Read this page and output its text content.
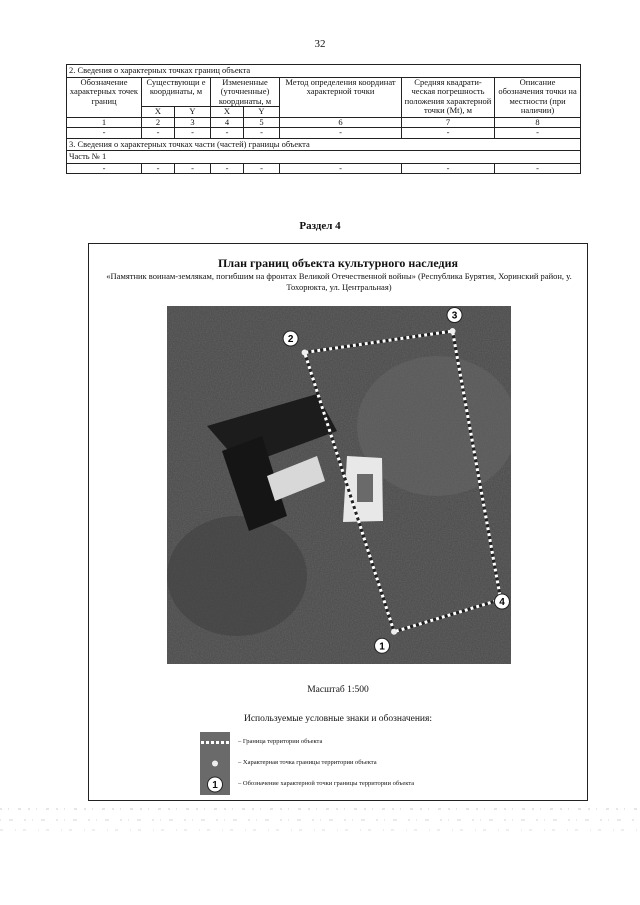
32
2. Сведения о характерных точках границ объекта							
Обозначение характерных точек границ	Существующи е координаты, м		Измененные (уточненные) координаты, м		Метод определения координат характерной точки	Средняя квадрати-ческая погрешность положения характерной точки (Mt), м	Описание обозначения точки на местности (при наличии)
	X	Y	X	Y			
1	2	3	4	5	6	7	8
-	-	-	-	-	-	-	-
3. Сведения о характерных точках части (частей) границы объекта							
Часть № 1							
-	-	-	-	-	-	-	-
Раздел 4
План границ объекта культурного наследия
«Памятник воинам-землякам, погибшим на фронтах Великой Отечественной войны» (Республика Бурятия, Хоринский район, у. Тохорюкта, ул. Центральная)
1
2
3
4
Масштаб 1:500
Используемые условные знаки и обозначения:
– Граница территории объекта
– Характерная точка границы территории объекта
1	– Обозначение характерной точки границы территории объекта
